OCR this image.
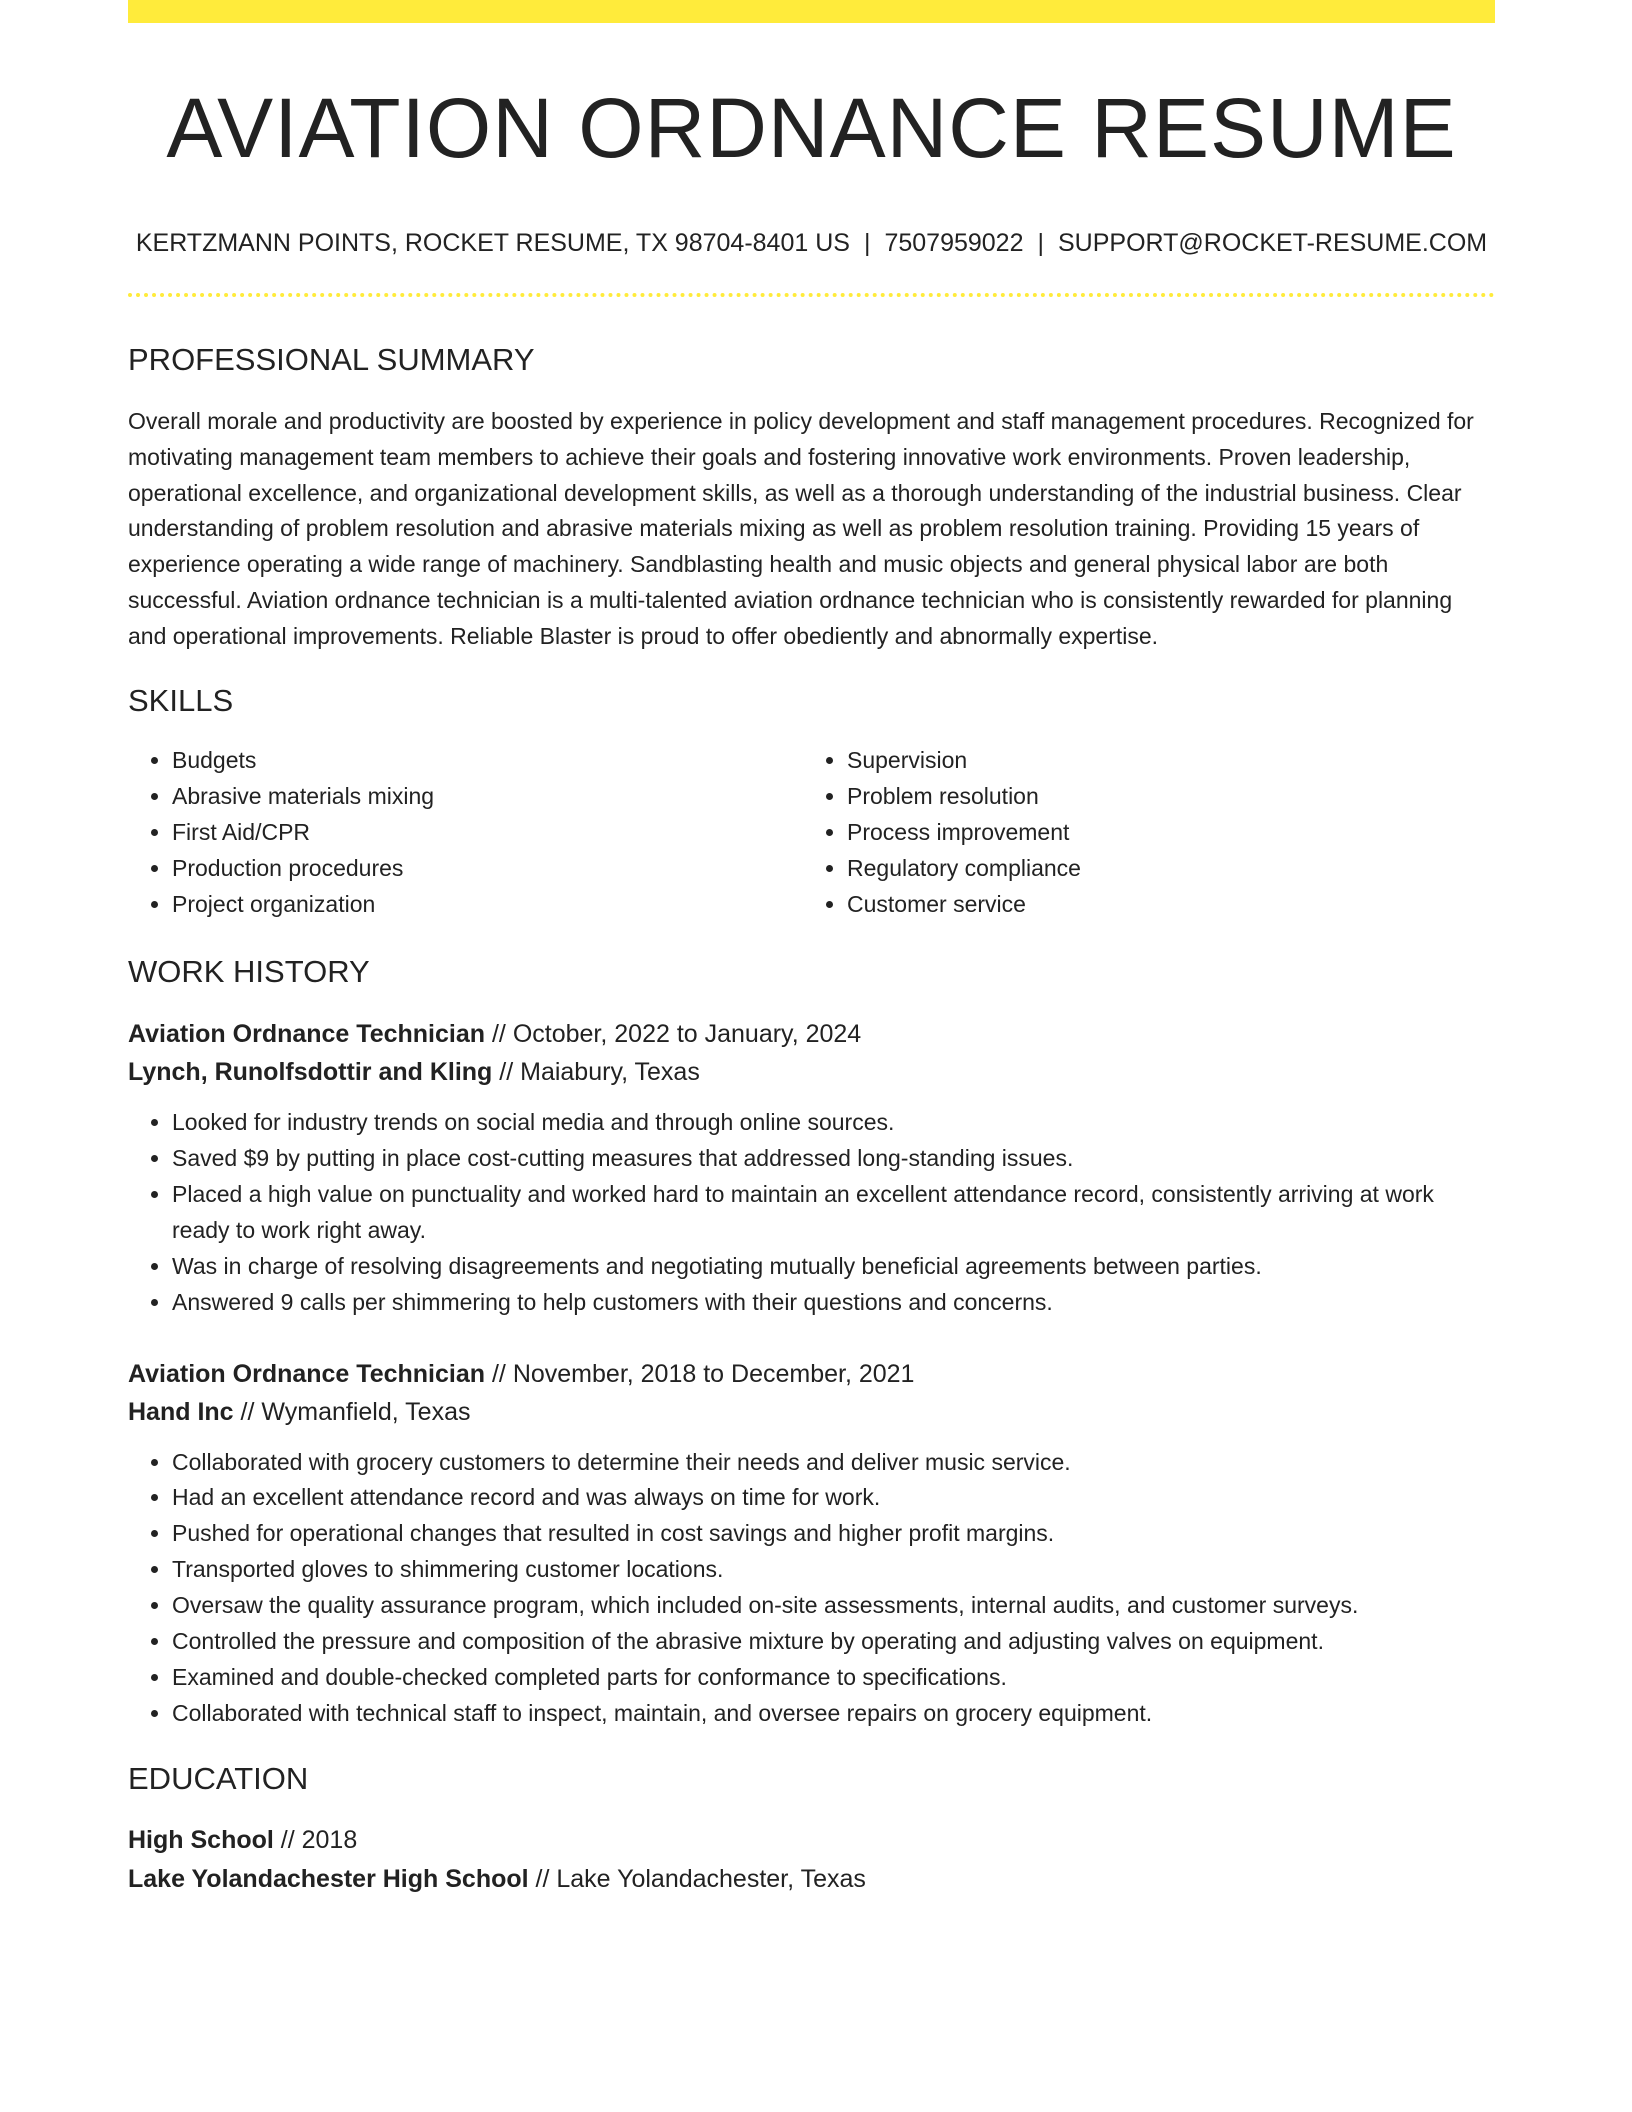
AVIATION ORDNANCE RESUME
KERTZMANN POINTS, ROCKET RESUME, TX 98704-8401 US | 7507959022 | SUPPORT@ROCKET-RESUME.COM
PROFESSIONAL SUMMARY

Overall morale and productivity are boosted by experience in policy development and staff management procedures. Recognized for motivating management team members to achieve their goals and fostering innovative work environments. Proven leadership, operational excellence, and organizational development skills, as well as a thorough understanding of the industrial business. Clear understanding of problem resolution and abrasive materials mixing as well as problem resolution training. Providing 15 years of experience operating a wide range of machinery. Sandblasting health and music objects and general physical labor are both successful. Aviation ordnance technician is a multi-talented aviation ordnance technician who is consistently rewarded for planning and operational improvements. Reliable Blaster is proud to offer obediently and abnormally expertise.

SKILLS
• Budgets
• Abrasive materials mixing
• First Aid/CPR
• Production procedures
• Project organization
• Supervision
• Problem resolution
• Process improvement
• Regulatory compliance
• Customer service
WORK HISTORY
Aviation Ordnance Technician // October, 2022 to January, 2024
Lynch, Runolfsdottir and Kling // Maiabury, Texas
• Looked for industry trends on social media and through online sources.
• Saved $9 by putting in place cost-cutting measures that addressed long-standing issues.
• Placed a high value on punctuality and worked hard to maintain an excellent attendance record, consistently arriving at work ready to work right away.
• Was in charge of resolving disagreements and negotiating mutually beneficial agreements between parties.
• Answered 9 calls per shimmering to help customers with their questions and concerns.
Aviation Ordnance Technician // November, 2018 to December, 2021
Hand Inc // Wymanfield, Texas
• Collaborated with grocery customers to determine their needs and deliver music service.
• Had an excellent attendance record and was always on time for work.
• Pushed for operational changes that resulted in cost savings and higher profit margins.
• Transported gloves to shimmering customer locations.
• Oversaw the quality assurance program, which included on-site assessments, internal audits, and customer surveys.
• Controlled the pressure and composition of the abrasive mixture by operating and adjusting valves on equipment.
• Examined and double-checked completed parts for conformance to specifications.
• Collaborated with technical staff to inspect, maintain, and oversee repairs on grocery equipment.
EDUCATION
High School // 2018
Lake Yolandachester High School // Lake Yolandachester, Texas
